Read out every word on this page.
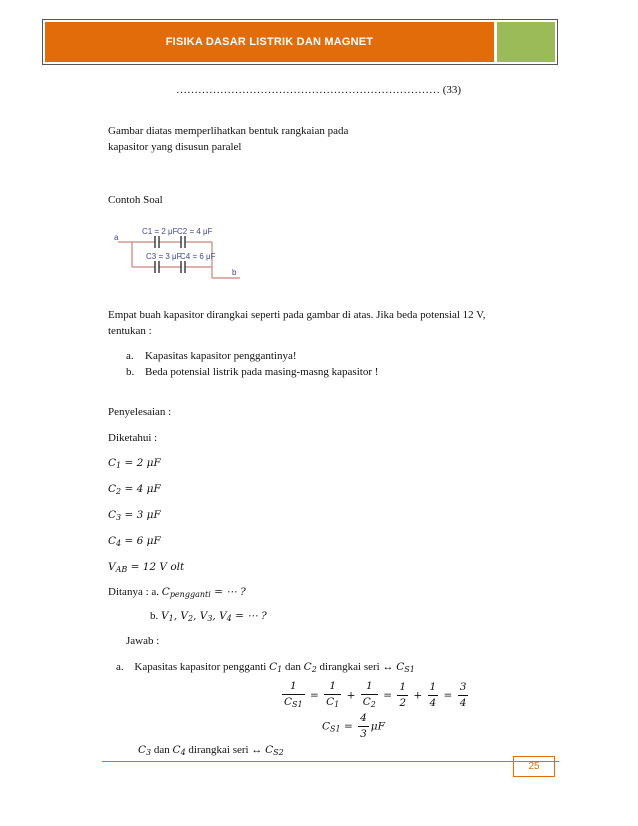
FISIKA DASAR LISTRIK DAN MAGNET
……………………………………………………………… (33)
Gambar diatas memperlihatkan bentuk rangkaian pada
kapasitor yang disusun paralel
Contoh Soal
a
C1 = 2 μF C2 = 4 μF
C3 = 3 μF
C4 = 6 μF
b
Empat buah kapasitor dirangkai seperti pada gambar di atas. Jika beda potensial 12 V,
tentukan :
a. Kapasitas kapasitor penggantinya!
b. Beda potensial listrik pada masing-masng kapasitor !
Penyelesaian :
Diketahui :
$C_1 = 2$ μF
$C_2 = 4$ μF
$C_3 = 3$ μF
$C_4 = 6$ μF
$V_{AB} = 12$ V olt
Ditanya : a. $C_{pengganti}$ = ⋯ ?
b. $V_1$, $V_2$, $V_3$, $V_4$ = ⋯ ?
Jawab :
a. Kapasitas kapasitor pengganti $C_1$ dan $C_2$ dirangkai seri ↔ $C_{S1}$
$\frac{1}{C_{S1}} = \frac{1}{C_1} + \frac{1}{C_2} = \frac{1}{2} + \frac{1}{4} = \frac{3}{4}$
$C_{S1} = \frac{4}{3}$ μF
$C_3$ dan $C_4$ dirangkai seri ↔ $C_{S2}$
25
